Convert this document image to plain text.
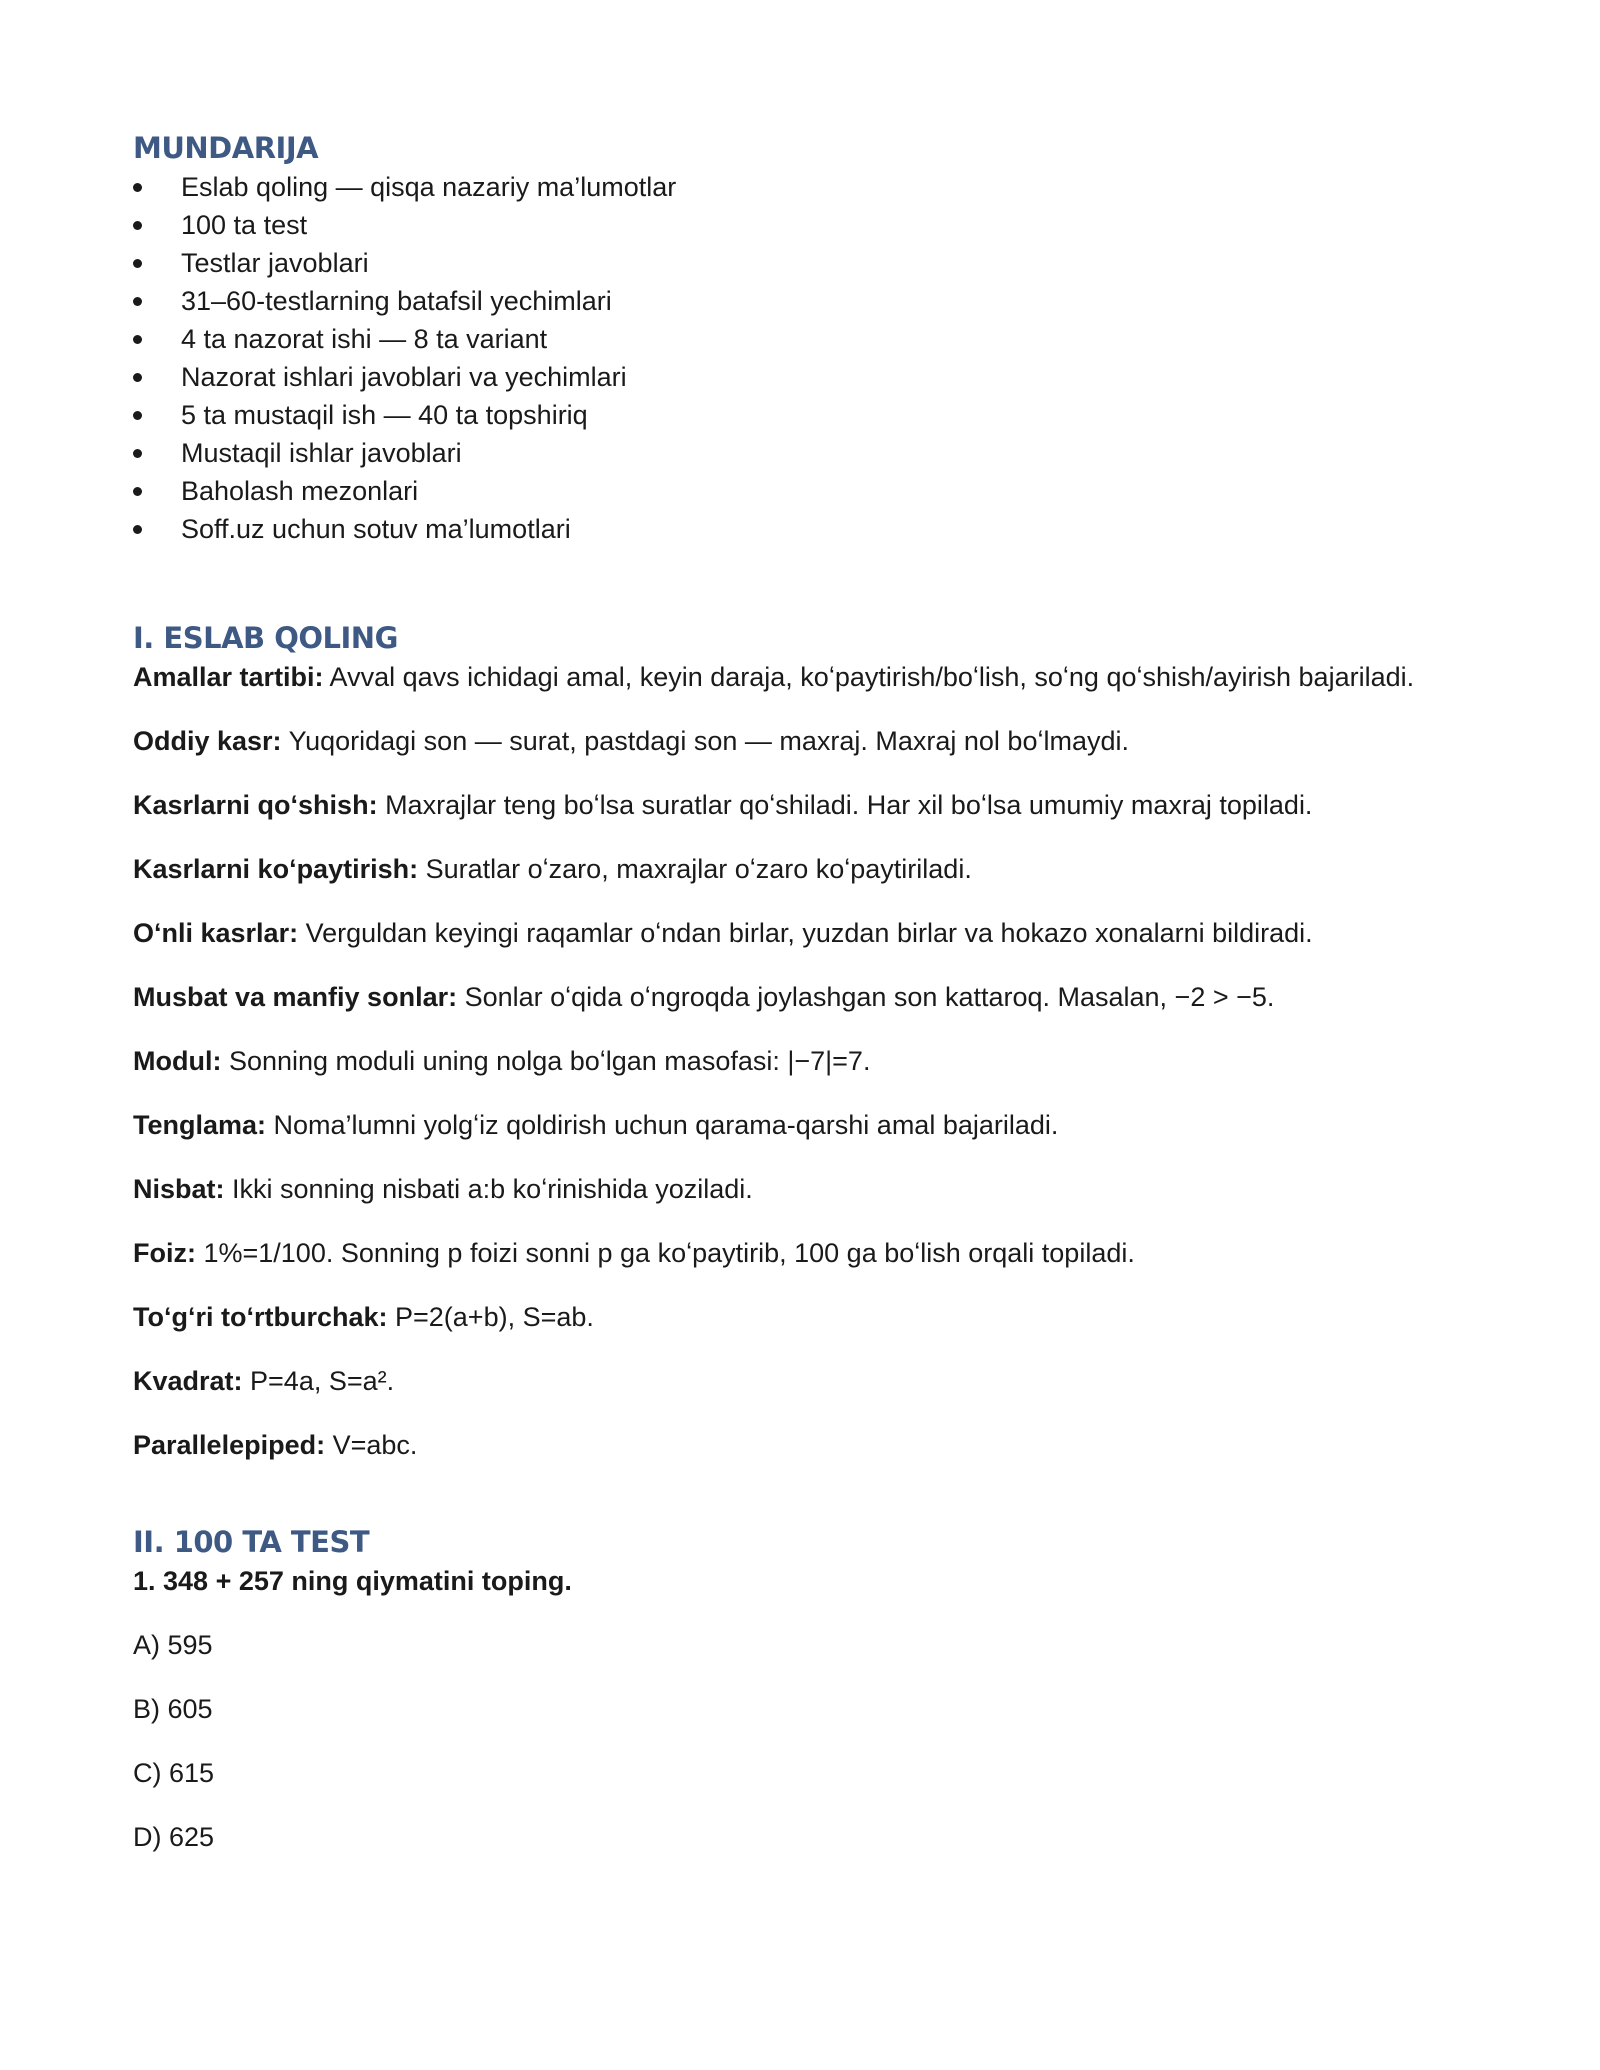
MUNDARIJA
Eslab qoling — qisqa nazariy ma’lumotlar
100 ta test
Testlar javoblari
31–60-testlarning batafsil yechimlari
4 ta nazorat ishi — 8 ta variant
Nazorat ishlari javoblari va yechimlari
5 ta mustaqil ish — 40 ta topshiriq
Mustaqil ishlar javoblari
Baholash mezonlari
Soff.uz uchun sotuv ma’lumotlari
I. ESLAB QOLING

Amallar tartibi: Avval qavs ichidagi amal, keyin daraja, koʻpaytirish/boʻlish, soʻng qoʻshish/ayirish bajariladi.

Oddiy kasr: Yuqoridagi son — surat, pastdagi son — maxraj. Maxraj nol boʻlmaydi.

Kasrlarni qoʻshish: Maxrajlar teng boʻlsa suratlar qoʻshiladi. Har xil boʻlsa umumiy maxraj topiladi.

Kasrlarni koʻpaytirish: Suratlar oʻzaro, maxrajlar oʻzaro koʻpaytiriladi.

Oʻnli kasrlar: Verguldan keyingi raqamlar oʻndan birlar, yuzdan birlar va hokazo xonalarni bildiradi.

Musbat va manfiy sonlar: Sonlar oʻqida oʻngroqda joylashgan son kattaroq. Masalan, −2 > −5.

Modul: Sonning moduli uning nolga boʻlgan masofasi: |−7|=7.

Tenglama: Noma’lumni yolgʻiz qoldirish uchun qarama-qarshi amal bajariladi.

Nisbat: Ikki sonning nisbati a:b koʻrinishida yoziladi.

Foiz: 1%=1/100. Sonning p foizi sonni p ga koʻpaytirib, 100 ga boʻlish orqali topiladi.

Toʻgʻri toʻrtburchak: P=2(a+b), S=ab.

Kvadrat: P=4a, S=a².

Parallelepiped: V=abc.

II. 100 TA TEST

1. 348 + 257 ning qiymatini toping.

A) 595

B) 605

C) 615

D) 625
